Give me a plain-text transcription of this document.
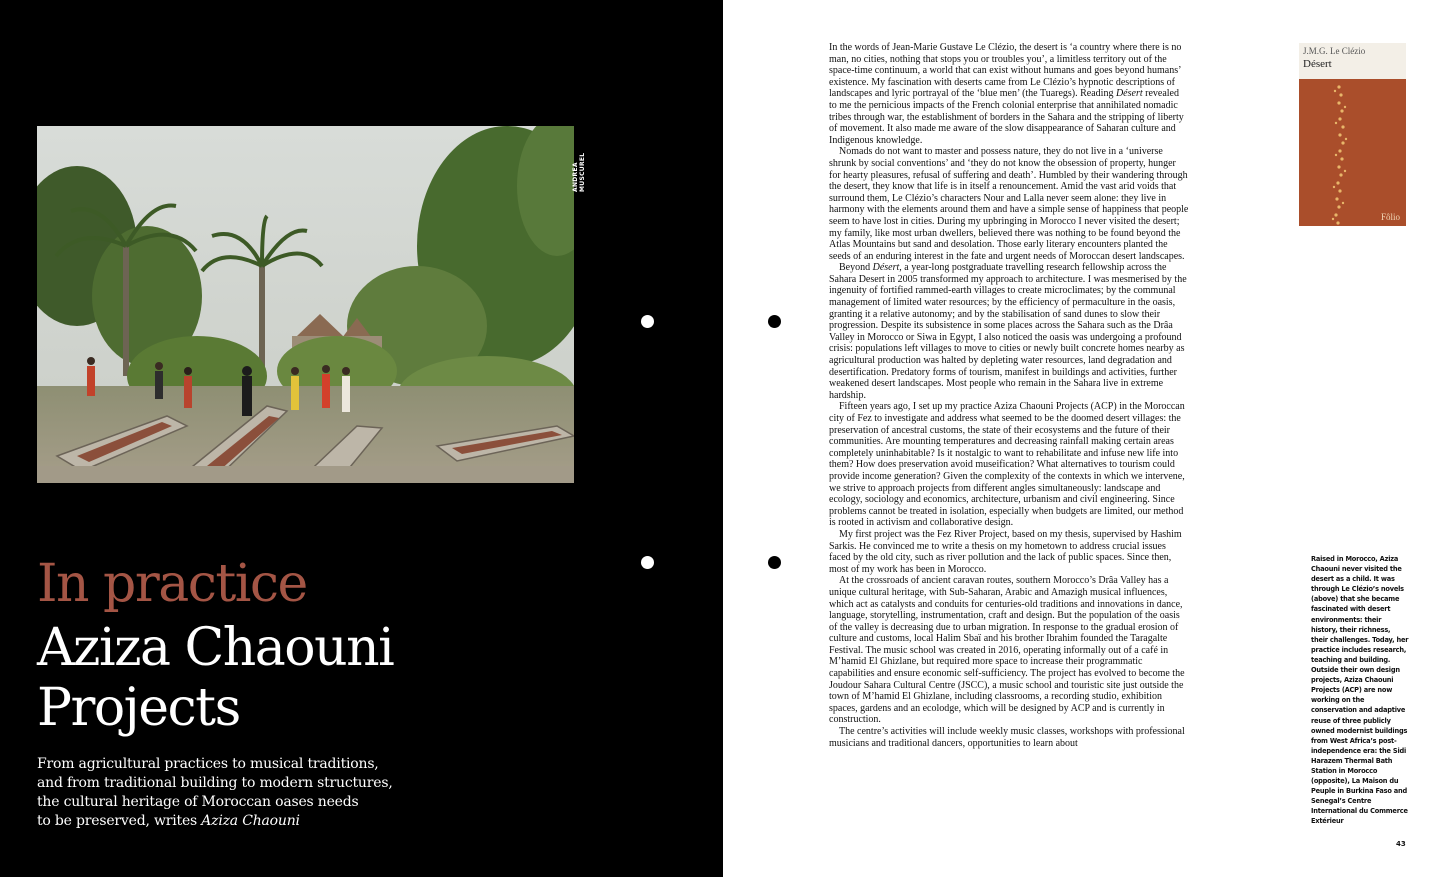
ANDREA MUSCUREL
In practice
Aziza Chaouni
Projects

From agricultural practices to musical traditions,
and from traditional building to modern structures,
the cultural heritage of Moroccan oases needs
to be preserved, writes Aziza Chaouni

In the words of Jean-Marie Gustave Le Clézio, the desert is ‘a country where there is no man, no cities, nothing that stops you or troubles you’, a limitless territory out of the space-time continuum, a world that can exist without humans and goes beyond humans’ existence. My fascination with deserts came from Le Clézio’s hypnotic descriptions of landscapes and lyric portrayal of the ‘blue men’ (the Tuaregs). Reading Désert revealed to me the pernicious impacts of the French colonial enterprise that annihilated nomadic tribes through war, the establishment of borders in the Sahara and the stripping of liberty of movement. It also made me aware of the slow disappearance of Saharan culture and Indigenous knowledge.

Nomads do not want to master and possess nature, they do not live in a ‘universe shrunk by social conventions’ and ‘they do not know the obsession of property, hunger for hearty pleasures, refusal of suffering and death’. Humbled by their wandering through the desert, they know that life is in itself a renouncement. Amid the vast arid voids that surround them, Le Clézio’s characters Nour and Lalla never seem alone: they live in harmony with the elements around them and have a simple sense of happiness that people seem to have lost in cities. During my upbringing in Morocco I never visited the desert; my family, like most urban dwellers, believed there was nothing to be found beyond the Atlas Mountains but sand and desolation. Those early literary encounters planted the seeds of an enduring interest in the fate and urgent needs of Moroccan desert landscapes.

Beyond Désert, a year-long postgraduate travelling research fellowship across the Sahara Desert in 2005 transformed my approach to architecture. I was mesmerised by the ingenuity of fortified rammed-earth villages to create microclimates; by the communal management of limited water resources; by the efficiency of permaculture in the oasis, granting it a relative autonomy; and by the stabilisation of sand dunes to slow their progression. Despite its subsistence in some places across the Sahara such as the Drâa Valley in Morocco or Siwa in Egypt, I also noticed the oasis was undergoing a profound crisis: populations left villages to move to cities or newly built concrete homes nearby as agricultural production was halted by depleting water resources, land degradation and desertification. Predatory forms of tourism, manifest in buildings and activities, further weakened desert landscapes. Most people who remain in the Sahara live in extreme hardship.

Fifteen years ago, I set up my practice Aziza Chaouni Projects (ACP) in the Moroccan city of Fez to investigate and address what seemed to be the doomed desert villages: the preservation of ancestral customs, the state of their ecosystems and the future of their communities. Are mounting temperatures and decreasing rainfall making certain areas completely uninhabitable? Is it nostalgic to want to rehabilitate and infuse new life into them? How does preservation avoid museification? What alternatives to tourism could provide income generation? Given the complexity of the contexts in which we intervene, we strive to approach projects from different angles simultaneously: landscape and ecology, sociology and economics, architecture, urbanism and civil engineering. Since problems cannot be treated in isolation, especially when budgets are limited, our method is rooted in activism and collaborative design.

My first project was the Fez River Project, based on my thesis, supervised by Hashim Sarkis. He convinced me to write a thesis on my hometown to address crucial issues faced by the old city, such as river pollution and the lack of public spaces. Since then, most of my work has been in Morocco.

At the crossroads of ancient caravan routes, southern Morocco’s Drâa Valley has a unique cultural heritage, with Sub-Saharan, Arabic and Amazigh musical influences, which act as catalysts and conduits for centuries-old traditions and innovations in dance, language, storytelling, instrumentation, craft and design. But the population of the oasis of the valley is decreasing due to urban migration. In response to the gradual erosion of culture and customs, local Halim Sbaï and his brother Ibrahim founded the Taragalte Festival. The music school was created in 2016, operating informally out of a café in M’hamid El Ghizlane, but required more space to increase their programmatic capabilities and ensure economic self-sufficiency. The project has evolved to become the Joudour Sahara Cultural Centre (JSCC), a music school and touristic site just outside the town of M’hamid El Ghizlane, including classrooms, a recording studio, exhibition spaces, gardens and an ecolodge, which will be designed by ACP and is currently in construction.

The centre’s activities will include weekly music classes, workshops with professional musicians and traditional dancers, opportunities to learn about

J.M.G. Le Clézio
Désert
Fôlio
Raised in Morocco, Aziza Chaouni never visited the desert as a child. It was through Le Clézio’s novels (above) that she became fascinated with desert environments: their history, their richness, their challenges. Today, her practice includes research, teaching and building. Outside their own design projects, Aziza Chaouni Projects (ACP) are now working on the conservation and adaptive reuse of three publicly owned modernist buildings from West Africa’s post-independence era: the Sidi Harazem Thermal Bath Station in Morocco (opposite), La Maison du Peuple in Burkina Faso and Senegal’s Centre International du Commerce Extérieur
43
